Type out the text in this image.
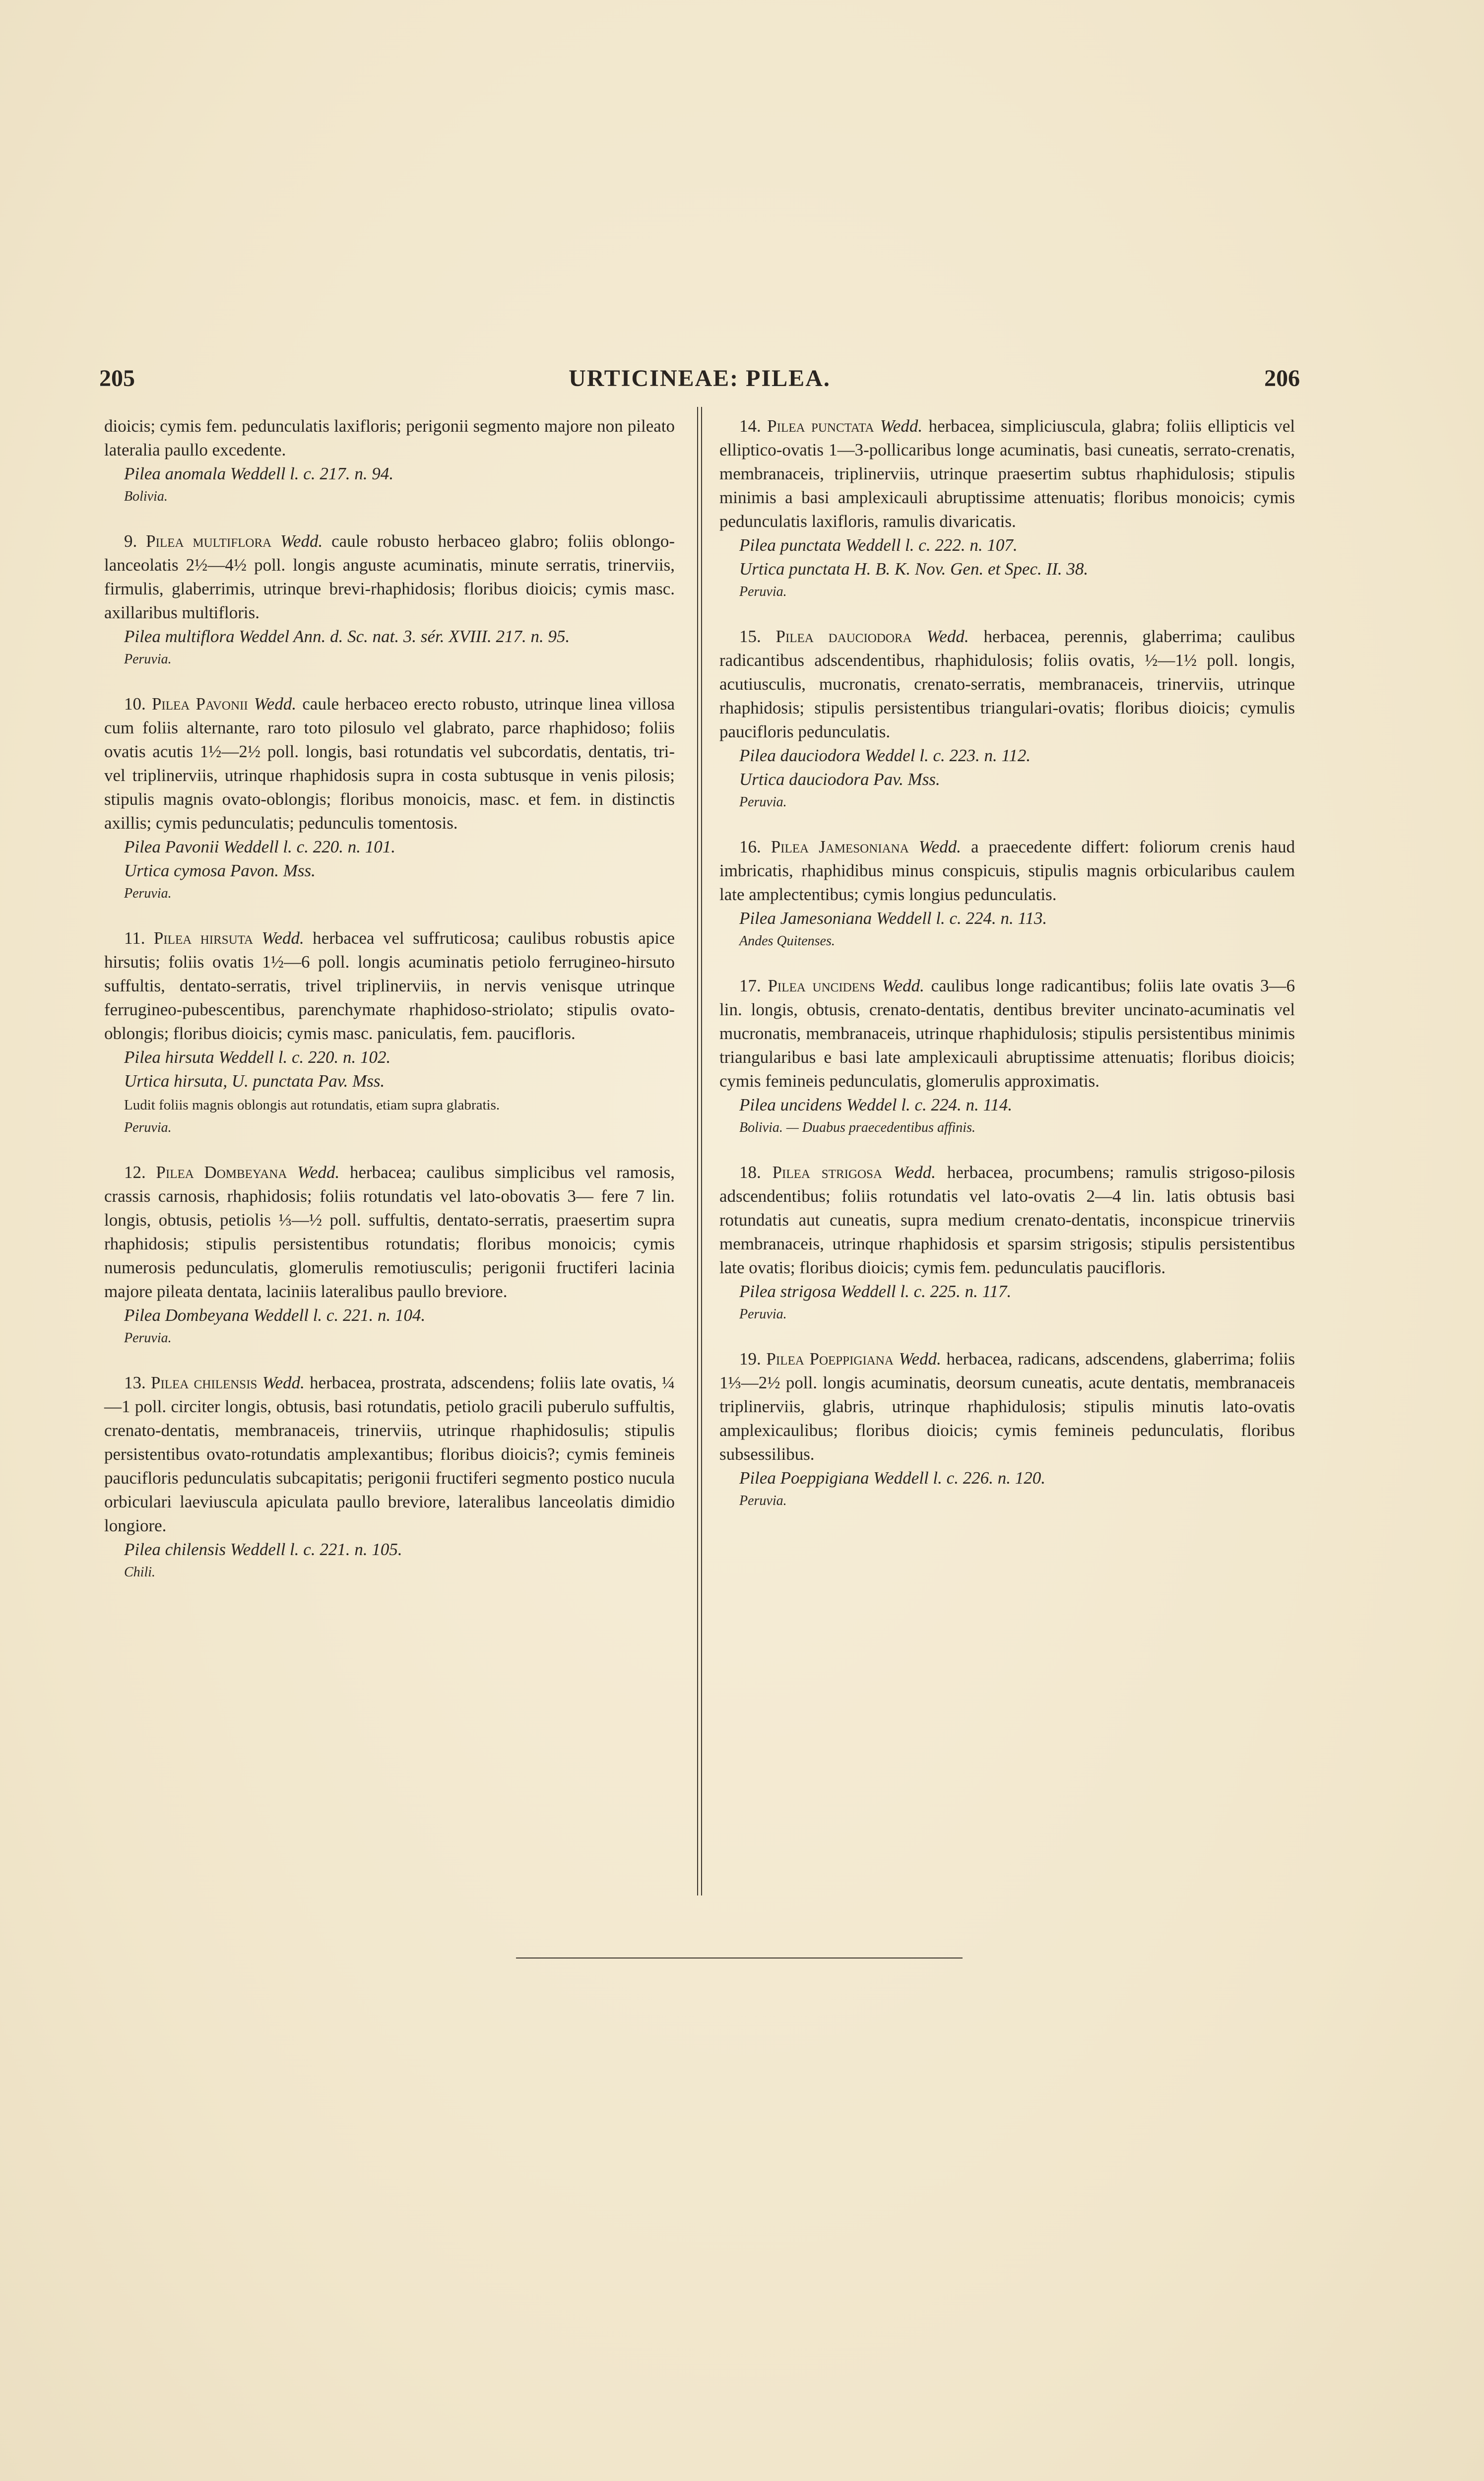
205	URTICINEAE: PILEA.	206

dioicis; cymis fem. pedunculatis laxifloris; perigonii segmento majore non pileato lateralia paullo excedente.

Pilea anomala Weddell l. c. 217. n. 94.

Bolivia.

9. Pilea multiflora Wedd. caule robusto herbaceo glabro; foliis oblongo-lanceolatis 2½—4½ poll. longis anguste acuminatis, minute serratis, trinerviis, firmulis, glaberrimis, utrinque brevi-rhaphidosis; floribus dioicis; cymis masc. axillaribus multifloris.

Pilea multiflora Weddel Ann. d. Sc. nat. 3. sér. XVIII. 217. n. 95.

Peruvia.

10. Pilea Pavonii Wedd. caule herbaceo erecto robusto, utrinque linea villosa cum foliis alternante, raro toto pilosulo vel glabrato, parce rhaphidoso; foliis ovatis acutis 1½—2½ poll. longis, basi rotundatis vel subcordatis, dentatis, tri- vel triplinerviis, utrinque rhaphidosis supra in costa subtusque in venis pilosis; stipulis magnis ovato-oblongis; floribus monoicis, masc. et fem. in distinctis axillis; cymis pedunculatis; pedunculis tomentosis.

Pilea Pavonii Weddell l. c. 220. n. 101.

Urtica cymosa Pavon. Mss.

Peruvia.

11. Pilea hirsuta Wedd. herbacea vel suffruticosa; caulibus robustis apice hirsutis; foliis ovatis 1½—6 poll. longis acuminatis petiolo ferrugineo-hirsuto suffultis, dentato-serratis, trivel triplinerviis, in nervis venisque utrinque ferrugineo-pubescentibus, parenchymate rhaphidoso-striolato; stipulis ovato-oblongis; floribus dioicis; cymis masc. paniculatis, fem. paucifloris.

Pilea hirsuta Weddell l. c. 220. n. 102.

Urtica hirsuta, U. punctata Pav. Mss.

Ludit foliis magnis oblongis aut rotundatis, etiam supra glabratis.

Peruvia.

12. Pilea Dombeyana Wedd. herbacea; caulibus simplicibus vel ramosis, crassis carnosis, rhaphidosis; foliis rotundatis vel lato-obovatis 3— fere 7 lin. longis, obtusis, petiolis ⅓—½ poll. suffultis, dentato-serratis, praesertim supra rhaphidosis; stipulis persistentibus rotundatis; floribus monoicis; cymis numerosis pedunculatis, glomerulis remotiusculis; perigonii fructiferi lacinia majore pileata dentata, laciniis lateralibus paullo breviore.

Pilea Dombeyana Weddell l. c. 221. n. 104.

Peruvia.

13. Pilea chilensis Wedd. herbacea, prostrata, adscendens; foliis late ovatis, ¼—1 poll. circiter longis, obtusis, basi rotundatis, petiolo gracili puberulo suffultis, crenato-dentatis, membranaceis, trinerviis, utrinque rhaphidosulis; stipulis persistentibus ovato-rotundatis amplexantibus; floribus dioicis?; cymis femineis paucifloris pedunculatis subcapitatis; perigonii fructiferi segmento postico nucula orbiculari laeviuscula apiculata paullo breviore, lateralibus lanceolatis dimidio longiore.

Pilea chilensis Weddell l. c. 221. n. 105.

Chili.

14. Pilea punctata Wedd. herbacea, simpliciuscula, glabra; foliis ellipticis vel elliptico-ovatis 1—3-pollicaribus longe acuminatis, basi cuneatis, serrato-crenatis, membranaceis, triplinerviis, utrinque praesertim subtus rhaphidulosis; stipulis minimis a basi amplexicauli abruptissime attenuatis; floribus monoicis; cymis pedunculatis laxifloris, ramulis divaricatis.

Pilea punctata Weddell l. c. 222. n. 107.

Urtica punctata H. B. K. Nov. Gen. et Spec. II. 38.

Peruvia.

15. Pilea dauciodora Wedd. herbacea, perennis, glaberrima; caulibus radicantibus adscendentibus, rhaphidulosis; foliis ovatis, ½—1½ poll. longis, acutiusculis, mucronatis, crenato-serratis, membranaceis, trinerviis, utrinque rhaphidosis; stipulis persistentibus triangulari-ovatis; floribus dioicis; cymulis paucifloris pedunculatis.

Pilea dauciodora Weddel l. c. 223. n. 112.

Urtica dauciodora Pav. Mss.

Peruvia.

16. Pilea Jamesoniana Wedd. a praecedente differt: foliorum crenis haud imbricatis, rhaphidibus minus conspicuis, stipulis magnis orbicularibus caulem late amplectentibus; cymis longius pedunculatis.

Pilea Jamesoniana Weddell l. c. 224. n. 113.

Andes Quitenses.

17. Pilea uncidens Wedd. caulibus longe radicantibus; foliis late ovatis 3—6 lin. longis, obtusis, crenato-dentatis, dentibus breviter uncinato-acuminatis vel mucronatis, membranaceis, utrinque rhaphidulosis; stipulis persistentibus minimis triangularibus e basi late amplexicauli abruptissime attenuatis; floribus dioicis; cymis femineis pedunculatis, glomerulis approximatis.

Pilea uncidens Weddel l. c. 224. n. 114.

Bolivia. — Duabus praecedentibus affinis.

18. Pilea strigosa Wedd. herbacea, procumbens; ramulis strigoso-pilosis adscendentibus; foliis rotundatis vel lato-ovatis 2—4 lin. latis obtusis basi rotundatis aut cuneatis, supra medium crenato-dentatis, inconspicue trinerviis membranaceis, utrinque rhaphidosis et sparsim strigosis; stipulis persistentibus late ovatis; floribus dioicis; cymis fem. pedunculatis paucifloris.

Pilea strigosa Weddell l. c. 225. n. 117.

Peruvia.

19. Pilea Poeppigiana Wedd. herbacea, radicans, adscendens, glaberrima; foliis 1⅓—2½ poll. longis acuminatis, deorsum cuneatis, acute dentatis, membranaceis triplinerviis, glabris, utrinque rhaphidulosis; stipulis minutis lato-ovatis amplexicaulibus; floribus dioicis; cymis femineis pedunculatis, floribus subsessilibus.

Pilea Poeppigiana Weddell l. c. 226. n. 120.

Peruvia.
